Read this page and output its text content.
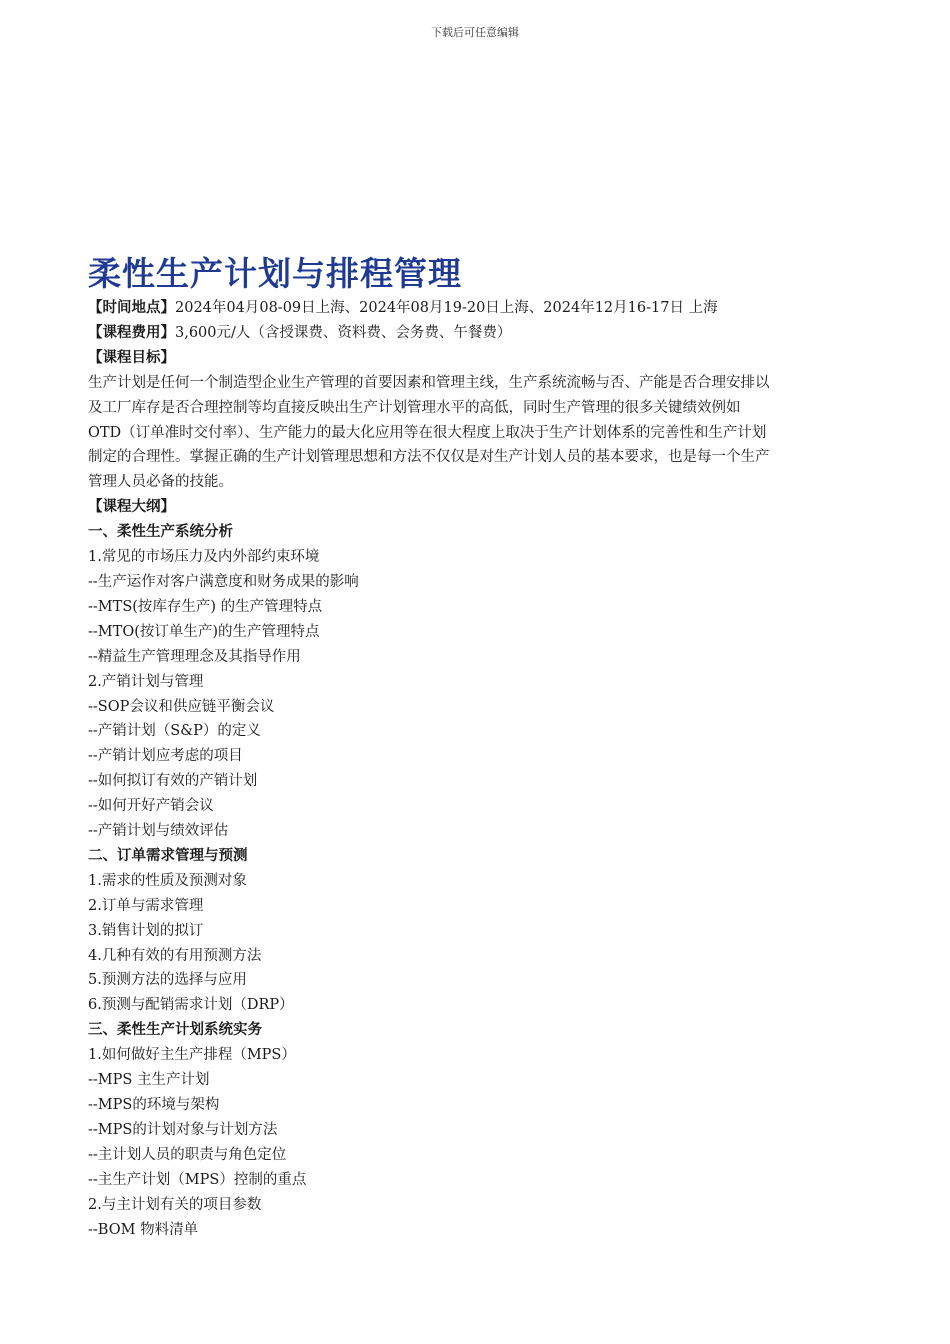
下载后可任意编辑
柔性生产计划与排程管理
【时间地点】2024年04月08-09日上海、2024年08月19-20日上海、2024年12月16-17日 上海
【课程费用】3,600元/人（含授课费、资料费、会务费、午餐费）
【课程目标】
生产计划是任何一个制造型企业生产管理的首要因素和管理主线，生产系统流畅与否、产能是否合理安排以
及工厂库存是否合理控制等均直接反映出生产计划管理水平的高低，同时生产管理的很多关键绩效例如
OTD（订单准时交付率）、生产能力的最大化应用等在很大程度上取决于生产计划体系的完善性和生产计划
制定的合理性。掌握正确的生产计划管理思想和方法不仅仅是对生产计划人员的基本要求，也是每一个生产
管理人员必备的技能。
【课程大纲】
一、柔性生产系统分析
1.常见的市场压力及内外部约束环境
--生产运作对客户满意度和财务成果的影响
--MTS(按库存生产) 的生产管理特点
--MTO(按订单生产)的生产管理特点
--精益生产管理理念及其指导作用
2.产销计划与管理
--SOP会议和供应链平衡会议
--产销计划（S&P）的定义
--产销计划应考虑的项目
--如何拟订有效的产销计划
--如何开好产销会议
--产销计划与绩效评估
二、订单需求管理与预测
1.需求的性质及预测对象
2.订单与需求管理
3.销售计划的拟订
4.几种有效的有用预测方法
5.预测方法的选择与应用
6.预测与配销需求计划（DRP）
三、柔性生产计划系统实务
1.如何做好主生产排程（MPS）
--MPS 主生产计划
--MPS的环境与架构
--MPS的计划对象与计划方法
--主计划人员的职责与角色定位
--主生产计划（MPS）控制的重点
2.与主计划有关的项目参数
--BOM 物料清单
